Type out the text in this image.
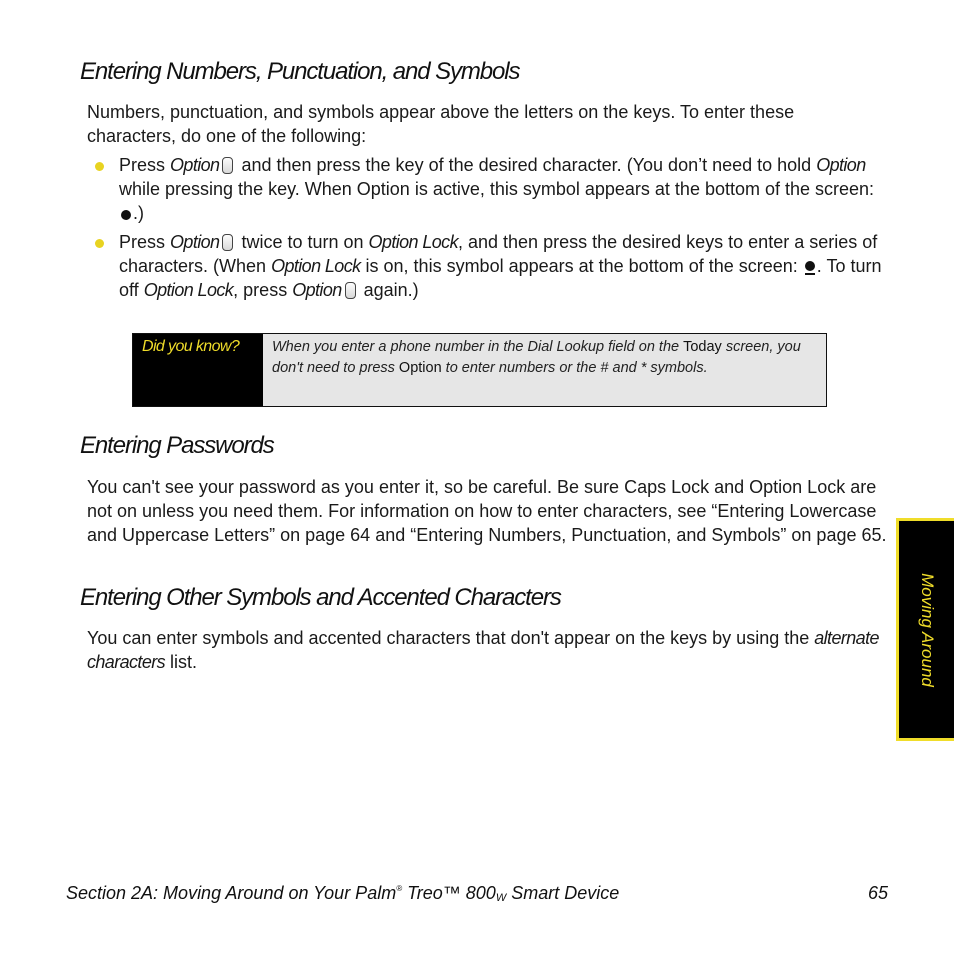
Entering Numbers, Punctuation, and Symbols
Numbers, punctuation, and symbols appear above the letters on the keys. To enter these characters, do one of the following:
Press Option and then press the key of the desired character. (You don’t need to hold Option while pressing the key. When Option is active, this symbol appears at the bottom of the screen: .)
Press Option twice to turn on Option Lock, and then press the desired keys to enter a series of characters. (When Option Lock is on, this symbol appears at the bottom of the screen: . To turn off Option Lock, press Option again.)
Did you know?	When you enter a phone number in the Dial Lookup field on the Today screen, you don't need to press Option to enter numbers or the # and * symbols.
Entering Passwords
You can't see your password as you enter it, so be careful. Be sure Caps Lock and Option Lock are not on unless you need them. For information on how to enter characters, see “Entering Lowercase and Uppercase Letters” on page 64 and “Entering Numbers, Punctuation, and Symbols” on page 65.
Entering Other Symbols and Accented Characters
You can enter symbols and accented characters that don't appear on the keys by using the alternate characters list.	Moving Around
Section 2A: Moving Around on Your Palm® Treo™ $800_W$ Smart Device	65
